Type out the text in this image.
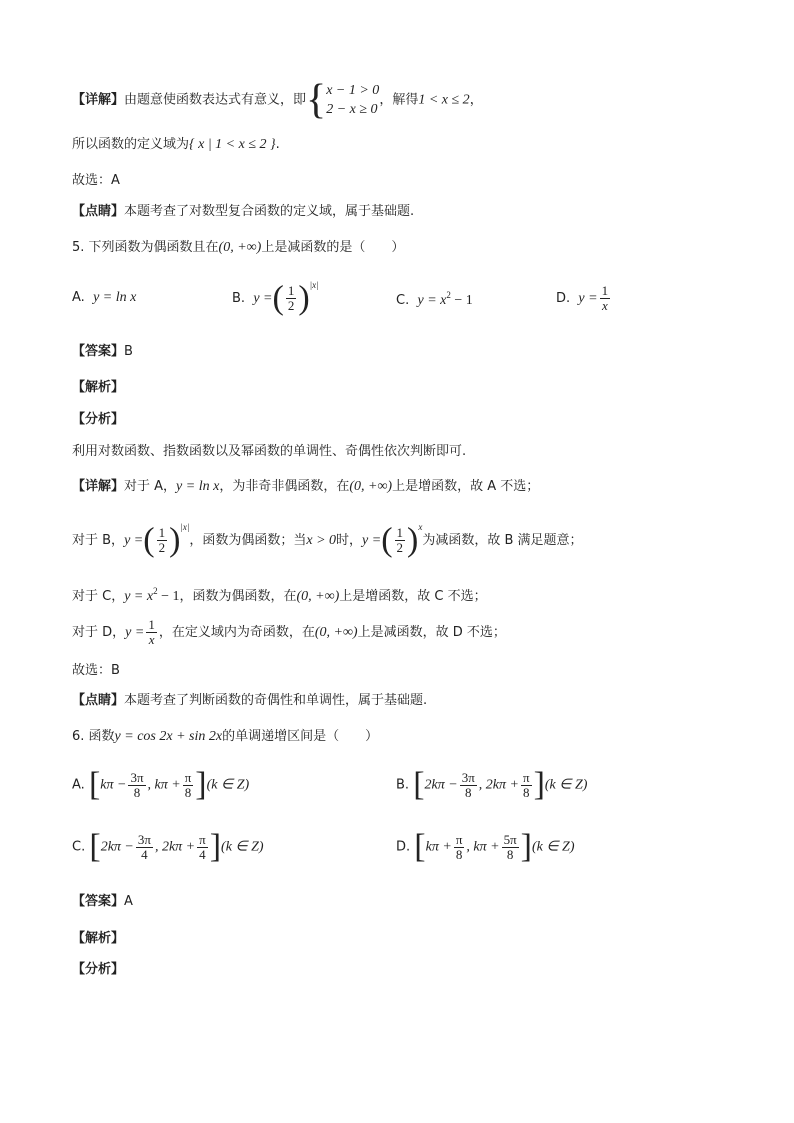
【详解】由题意使函数表达式有意义，即{ x − 1 > 0
2 − x ≥ 0
，解得1 < x ≤ 2，
所以函数的定义域为{ x | 1 < x ≤ 2 }.
故选：A
【点睛】本题考查了对数型复合函数的定义域，属于基础题.
5. 下列函数为偶函数且在(0, +∞)上是减函数的是（　　）
A. y = ln x	B. y =( $\frac{1}{2} )^{|x|}$
C. $y = x^2 - 1$	D. $y = \frac{1}{x}$
【答案】B
【解析】
【分析】
利用对数函数、指数函数以及幂函数的单调性、奇偶性依次判断即可.
【详解】对于 A，y = ln x，为非奇非偶函数，在(0, +∞)上是增函数，故 A 不选；
对于 B，y =( $\frac{1}{2} )^{|x|}$，函数为偶函数；当x > 0时，y =( $\frac{1}{2} )^x$为减函数，故 B 满足题意；
对于 C，$y = x^2 - 1$，函数为偶函数，在(0, +∞)上是增函数，故 C 不选；
对于 D，$y = \frac{1}{x}$ ，在定义域内为奇函数，在(0, +∞)上是减函数，故 D 不选；
故选：B
【点睛】本题考查了判断函数的奇偶性和单调性，属于基础题.
6. 函数y = cos 2x + sin 2x的单调递增区间是（　　）
A. [$k\pi - \frac{3\pi}{8}$ , $k\pi + \frac{\pi}{8} ](k$ ∈ Z)	B. [$2k\pi - \frac{3\pi}{8}$ , $2k\pi + \frac{\pi}{8} ](k$ ∈ Z)
C. [$2k\pi - \frac{3\pi}{4}$ , $2k\pi + \frac{\pi}{4} ](k$ ∈ Z)	D. [$k\pi + \frac{\pi}{8}$ , $k\pi + \frac{5\pi}{8} ](k$ ∈ Z)
【答案】A
【解析】
【分析】
